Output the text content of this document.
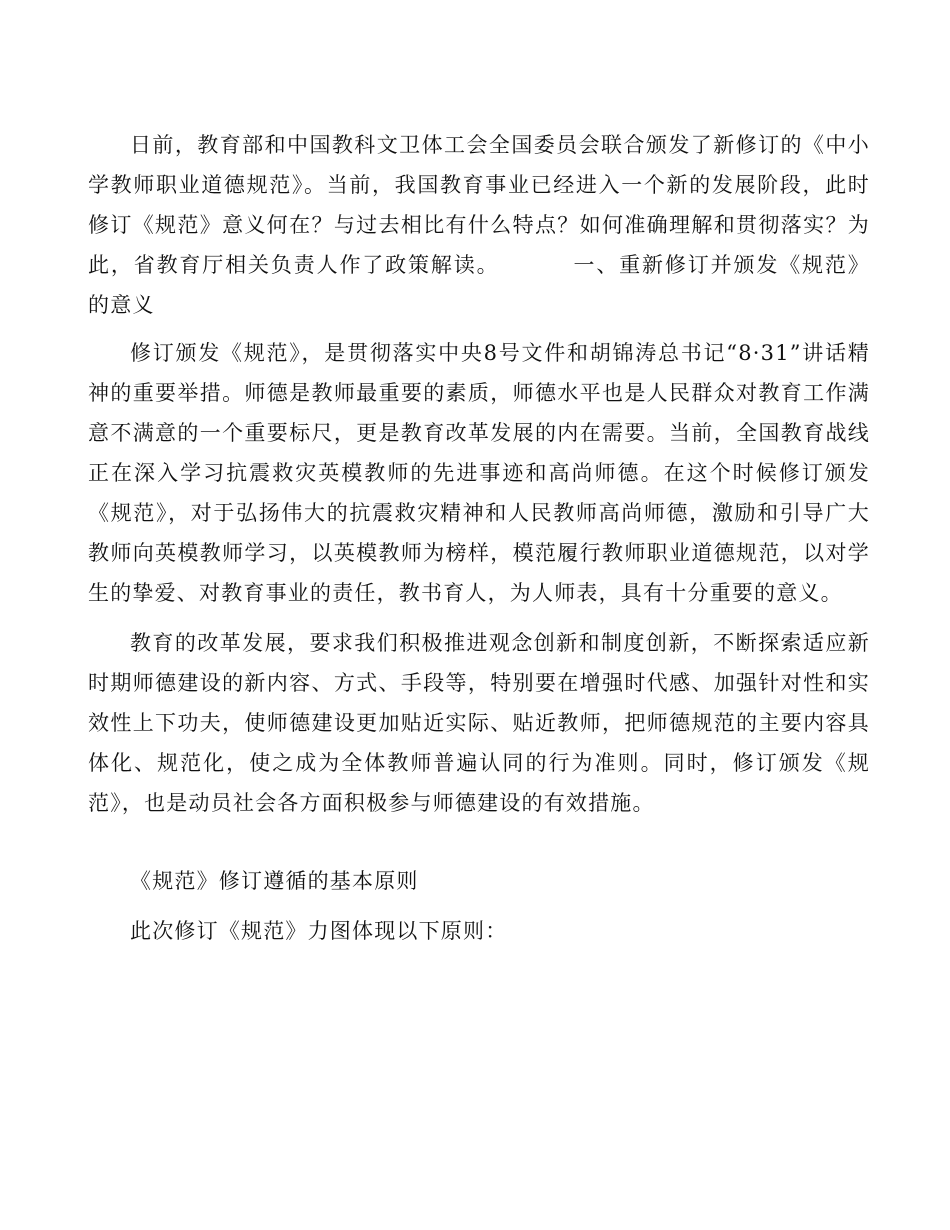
日前，教育部和中国教科文卫体工会全国委员会联合颁发了新修订的《中小学教师职业道德规范》。当前，我国教育事业已经进入一个新的发展阶段，此时修订《规范》意义何在？与过去相比有什么特点？如何准确理解和贯彻落实？为此，省教育厅相关负责人作了政策解读。	一、重新修订并颁发《规范》的意义

修订颁发《规范》，是贯彻落实中央8号文件和胡锦涛总书记“8·31”讲话精神的重要举措。师德是教师最重要的素质，师德水平也是人民群众对教育工作满意不满意的一个重要标尺，更是教育改革发展的内在需要。当前，全国教育战线正在深入学习抗震救灾英模教师的先进事迹和高尚师德。在这个时候修订颁发《规范》，对于弘扬伟大的抗震救灾精神和人民教师高尚师德，激励和引导广大教师向英模教师学习，以英模教师为榜样，模范履行教师职业道德规范，以对学生的挚爱、对教育事业的责任，教书育人，为人师表，具有十分重要的意义。

教育的改革发展，要求我们积极推进观念创新和制度创新，不断探索适应新时期师德建设的新内容、方式、手段等，特别要在增强时代感、加强针对性和实效性上下功夫，使师德建设更加贴近实际、贴近教师，把师德规范的主要内容具体化、规范化，使之成为全体教师普遍认同的行为准则。同时，修订颁发《规范》，也是动员社会各方面积极参与师德建设的有效措施。

《规范》修订遵循的基本原则

此次修订《规范》力图体现以下原则：
